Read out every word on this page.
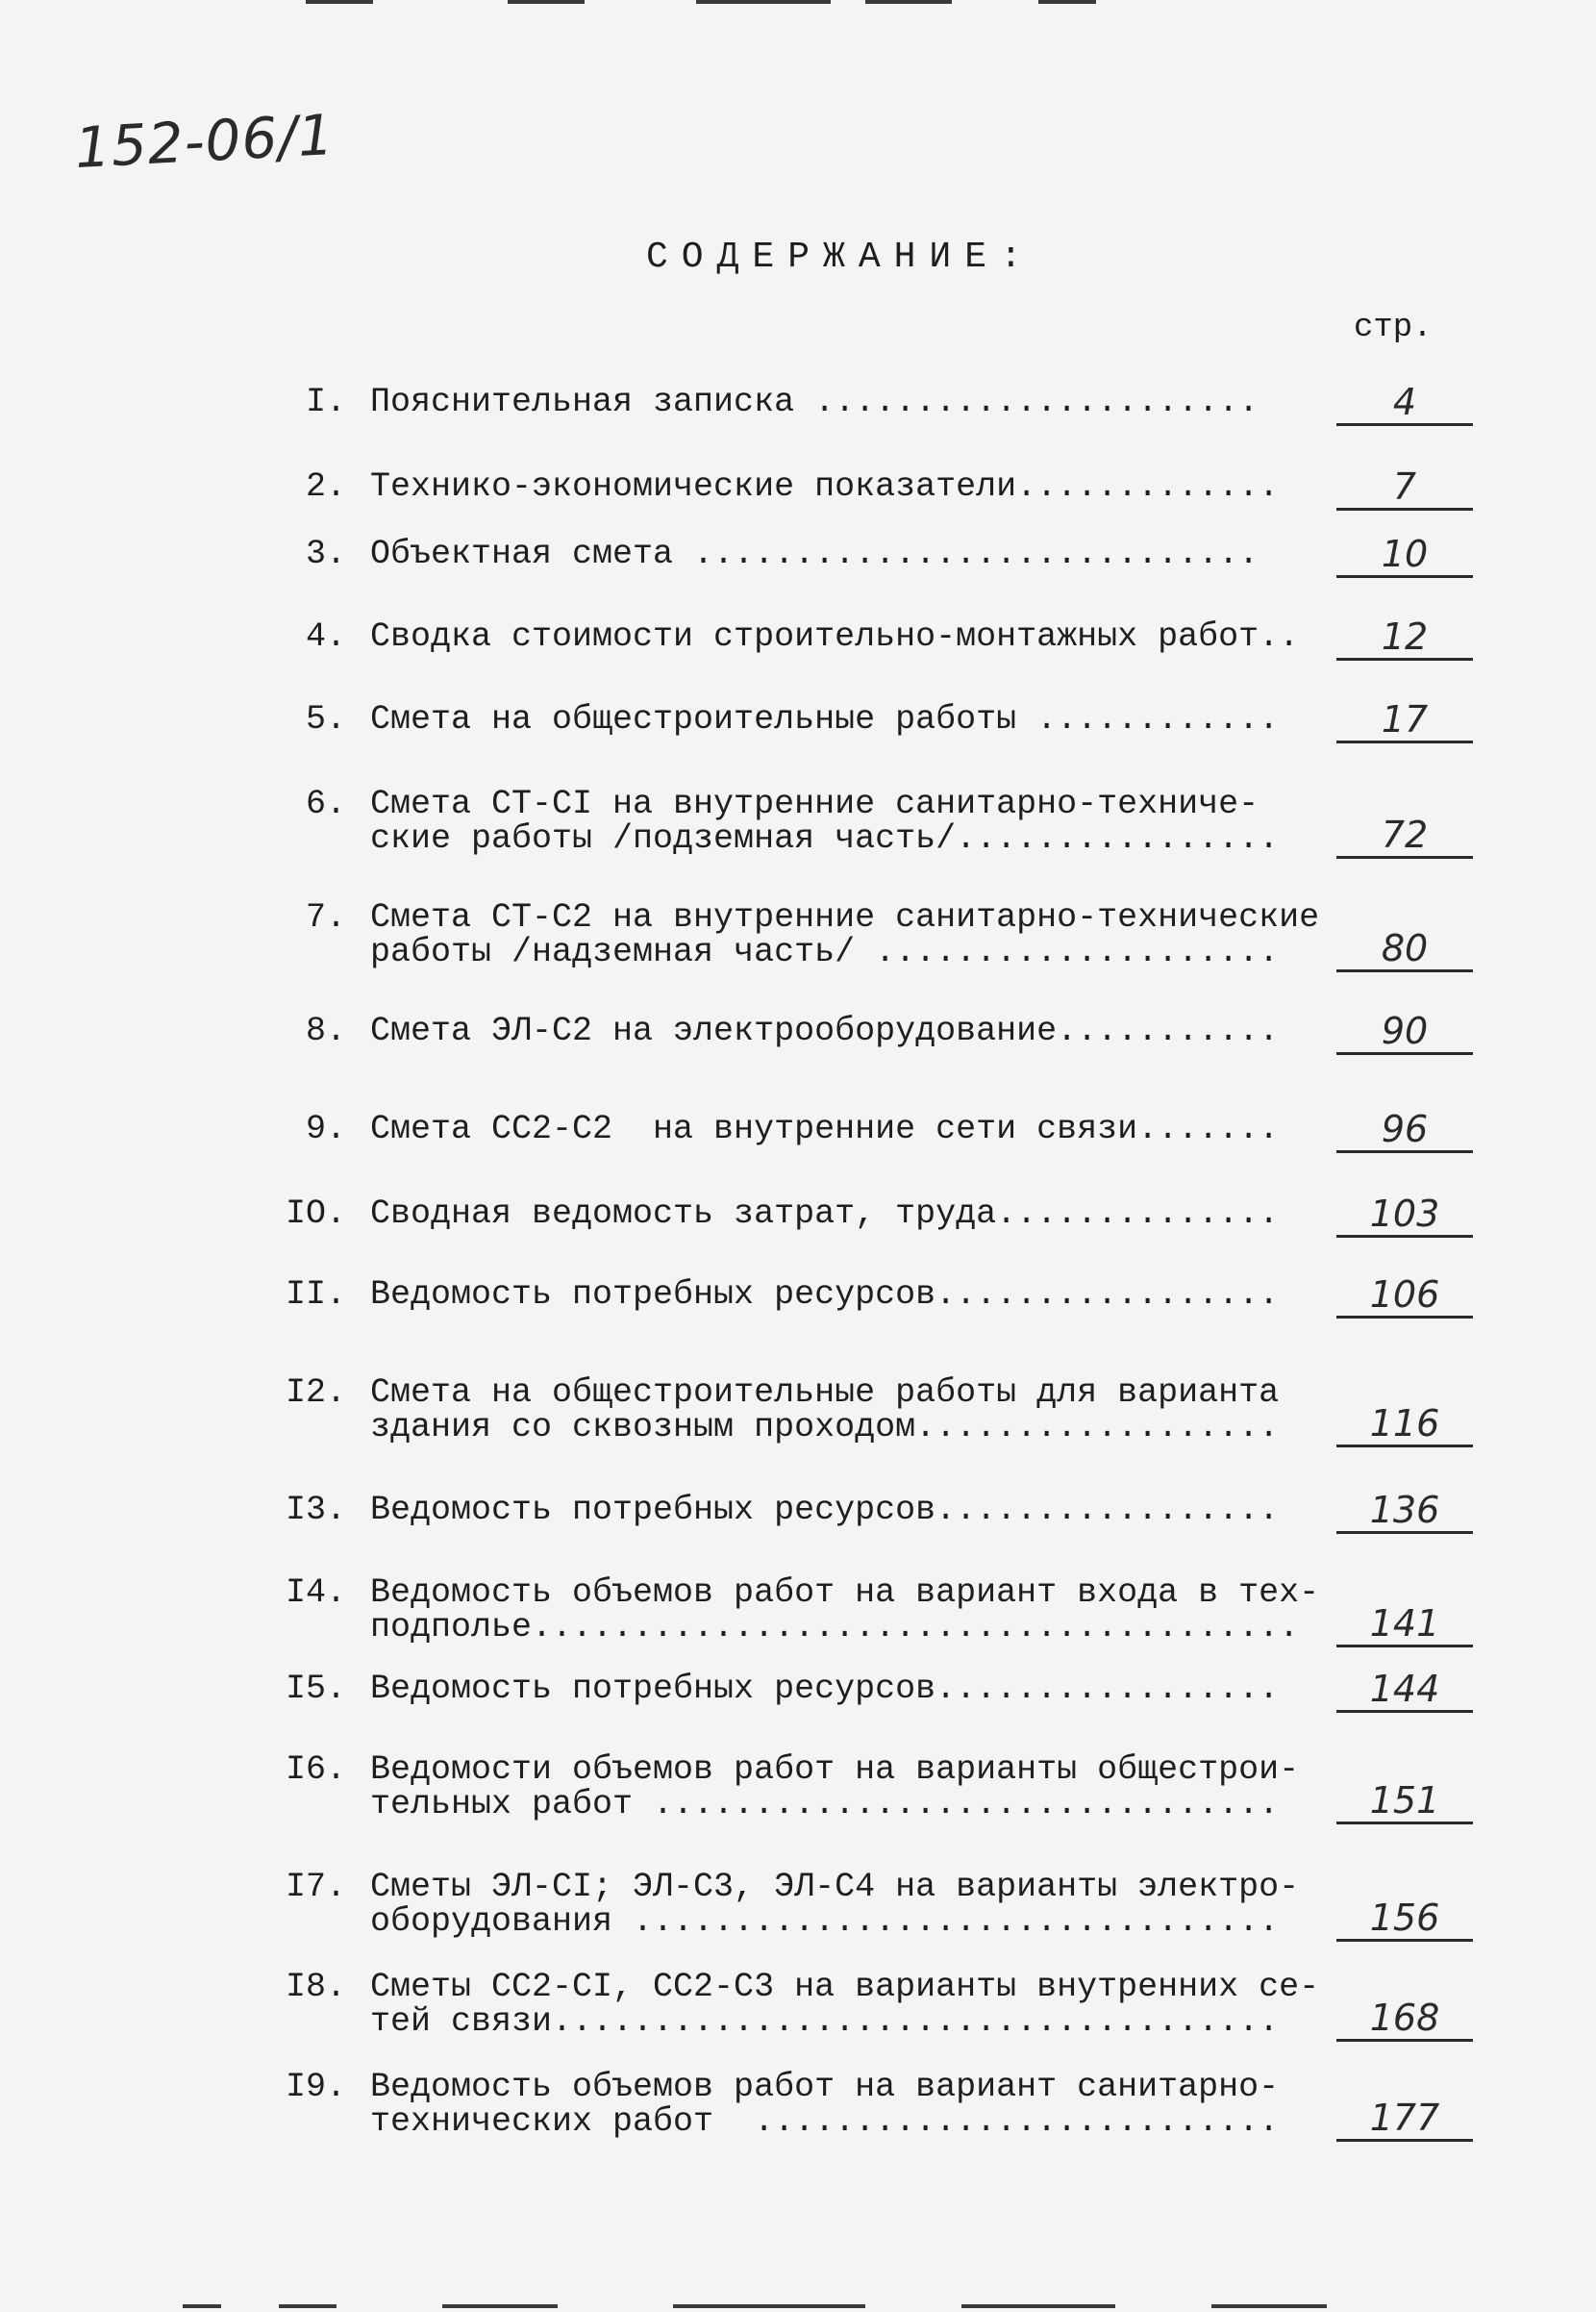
152-06/1
СОДЕРЖАНИЕ:
стр.
I. Пояснительная записка ......................	4
2. Технико-экономические показатели.............	7
3. Объектная смета ............................	10
4. Сводка стоимости строительно-монтажных работ..	12
5. Смета на общестроительные работы ............	17
6. Смета СТ-СI на внутренние санитарно-техниче-
ские работы /подземная часть/................	72
7. Смета СТ-С2 на внутренние санитарно-технические
работы /надземная часть/ ....................	80
8. Смета ЭЛ-С2 на электрооборудование...........	90
9. Смета СС2-С2  на внутренние сети связи.......	96
IO. Сводная ведомость затрат, труда..............	103
II. Ведомость потребных ресурсов.................	106
I2. Смета на общестроительные работы для варианта
здания со сквозным проходом..................	116
I3. Ведомость потребных ресурсов.................	136
I4. Ведомость объемов работ на вариант входа в тех-
подполье......................................	141
I5. Ведомость потребных ресурсов.................	144
I6. Ведомости объемов работ на варианты общестрои-
тельных работ ...............................	151
I7. Сметы ЭЛ-СI; ЭЛ-С3, ЭЛ-С4 на варианты электро-
оборудования ................................	156
I8. Сметы СС2-СI, СС2-С3 на варианты внутренних се-
тей связи....................................	168
I9. Ведомость объемов работ на вариант санитарно-
технических работ  ..........................	177
